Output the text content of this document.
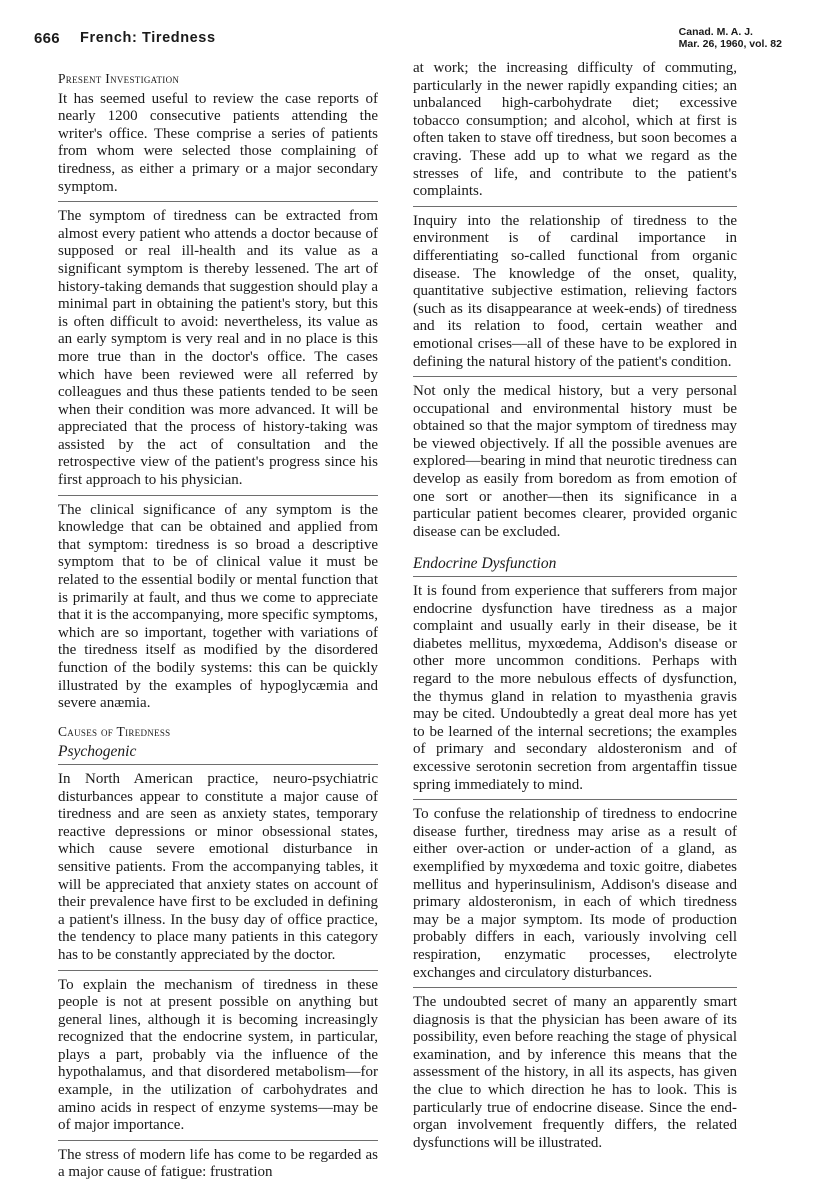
666 French: Tiredness	Canad. M. A. J.
Mar. 26, 1960, vol. 82
Present Investigation

It has seemed useful to review the case reports of nearly 1200 consecutive patients attending the writer's office. These comprise a series of patients from whom were selected those complaining of tiredness, as either a primary or a major secondary symptom.

The symptom of tiredness can be extracted from almost every patient who attends a doctor because of supposed or real ill-health and its value as a significant symptom is thereby lessened. The art of history-taking demands that suggestion should play a minimal part in obtaining the patient's story, but this is often difficult to avoid: nevertheless, its value as an early symptom is very real and in no place is this more true than in the doctor's office. The cases which have been reviewed were all referred by colleagues and thus these patients tended to be seen when their condition was more advanced. It will be appreciated that the process of history-taking was assisted by the act of consultation and the retrospective view of the patient's progress since his first approach to his physician.

The clinical significance of any symptom is the knowledge that can be obtained and applied from that symptom: tiredness is so broad a descriptive symptom that to be of clinical value it must be related to the essential bodily or mental function that is primarily at fault, and thus we come to appreciate that it is the accompanying, more specific symptoms, which are so important, together with variations of the tiredness itself as modified by the disordered function of the bodily systems: this can be quickly illustrated by the examples of hypoglycæmia and severe anæmia.

Causes of Tiredness
Psychogenic

In North American practice, neuro-psychiatric disturbances appear to constitute a major cause of tiredness and are seen as anxiety states, temporary reactive depressions or minor obsessional states, which cause severe emotional disturbance in sensitive patients. From the accompanying tables, it will be appreciated that anxiety states on account of their prevalence have first to be excluded in defining a patient's illness. In the busy day of office practice, the tendency to place many patients in this category has to be constantly appreciated by the doctor.

To explain the mechanism of tiredness in these people is not at present possible on anything but general lines, although it is becoming increasingly recognized that the endocrine system, in particular, plays a part, probably via the influence of the hypothalamus, and that disordered metabolism—for example, in the utilization of carbohydrates and amino acids in respect of enzyme systems—may be of major importance.

The stress of modern life has come to be regarded as a major cause of fatigue: frustration

at work; the increasing difficulty of commuting, particularly in the newer rapidly expanding cities; an unbalanced high-carbohydrate diet; excessive tobacco consumption; and alcohol, which at first is often taken to stave off tiredness, but soon becomes a craving. These add up to what we regard as the stresses of life, and contribute to the patient's complaints.

Inquiry into the relationship of tiredness to the environment is of cardinal importance in differentiating so-called functional from organic disease. The knowledge of the onset, quality, quantitative subjective estimation, relieving factors (such as its disappearance at week-ends) of tiredness and its relation to food, certain weather and emotional crises—all of these have to be explored in defining the natural history of the patient's condition.

Not only the medical history, but a very personal occupational and environmental history must be obtained so that the major symptom of tiredness may be viewed objectively. If all the possible avenues are explored—bearing in mind that neurotic tiredness can develop as easily from boredom as from emotion of one sort or another—then its significance in a particular patient becomes clearer, provided organic disease can be excluded.

Endocrine Dysfunction

It is found from experience that sufferers from major endocrine dysfunction have tiredness as a major complaint and usually early in their disease, be it diabetes mellitus, myxœdema, Addison's disease or other more uncommon conditions. Perhaps with regard to the more nebulous effects of dysfunction, the thymus gland in relation to myasthenia gravis may be cited. Undoubtedly a great deal more has yet to be learned of the internal secretions; the examples of primary and secondary aldosteronism and of excessive serotonin secretion from argentaffin tissue spring immediately to mind.

To confuse the relationship of tiredness to endocrine disease further, tiredness may arise as a result of either over-action or under-action of a gland, as exemplified by myxœdema and toxic goitre, diabetes mellitus and hyperinsulinism, Addison's disease and primary aldosteronism, in each of which tiredness may be a major symptom. Its mode of production probably differs in each, variously involving cell respiration, enzymatic processes, electrolyte exchanges and circulatory disturbances.

The undoubted secret of many an apparently smart diagnosis is that the physician has been aware of its possibility, even before reaching the stage of physical examination, and by inference this means that the assessment of the history, in all its aspects, has given the clue to which direction he has to look. This is particularly true of endocrine disease. Since the end-organ involvement frequently differs, the related dysfunctions will be illustrated.
